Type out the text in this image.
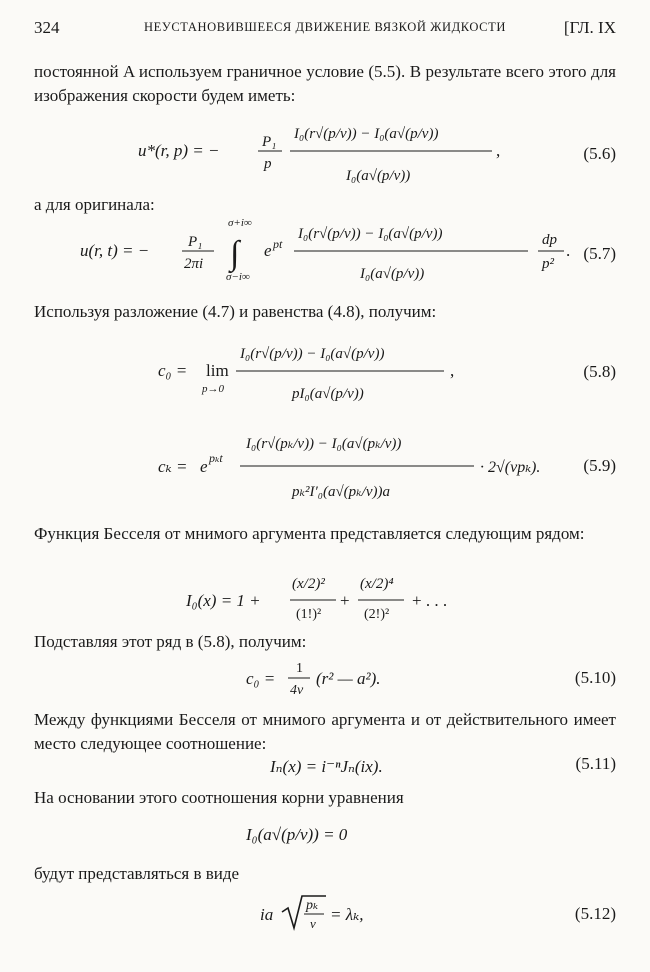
324	НЕУСТАНОВИВШЕЕСЯ ДВИЖЕНИЕ ВЯЗКОЙ ЖИДКОСТИ	[ГЛ. IX
постоянной A используем граничное условие (5.5). В результате всего этого для изображения скорости будем иметь:
u*(r, p) = −	P₁
p
I₀(r√(p/ν)) − I₀(a√(p/ν))
I₀(a√(p/ν))
,	(5.6)
а для оригинала:
u(r, t) = −	P₁
2πi
σ+i∞
∫
σ−i∞
e pt
I₀(r√(p/ν)) − I₀(a√(p/ν))
I₀(a√(p/ν))
dp
p²
. (5.7)
Используя разложение (4.7) и равенства (4.8), получим:
c₀ = lim
p→0
I₀(r√(p/ν)) − I₀(a√(p/ν))
pI₀(a√(p/ν))
,	(5.8)
cₖ = e pₖt
I₀(r√(pₖ/ν)) − I₀(a√(pₖ/ν))
pₖ²I′₀(a√(pₖ/ν))a
· 2√(νpₖ).	(5.9)
Функция Бесселя от мнимого аргумента представляется следующим рядом:
I₀(x) = 1 +
(x/2)²
(1!)²
+
(x/2)⁴
(2!)²
+ . . .
Подставляя этот ряд в (5.8), получим:
c₀ =
1
4ν
(r² — a²).	(5.10)
Между функциями Бесселя от мнимого аргумента и от действительного имеет место следующее соотношение:
Iₙ(x) = i⁻ⁿJₙ(ix).	(5.11)
На основании этого соотношения корни уравнения
I₀(a√(p/ν)) = 0
будут представляться в виде
ia pₖ
ν = λₖ,	(5.12)
